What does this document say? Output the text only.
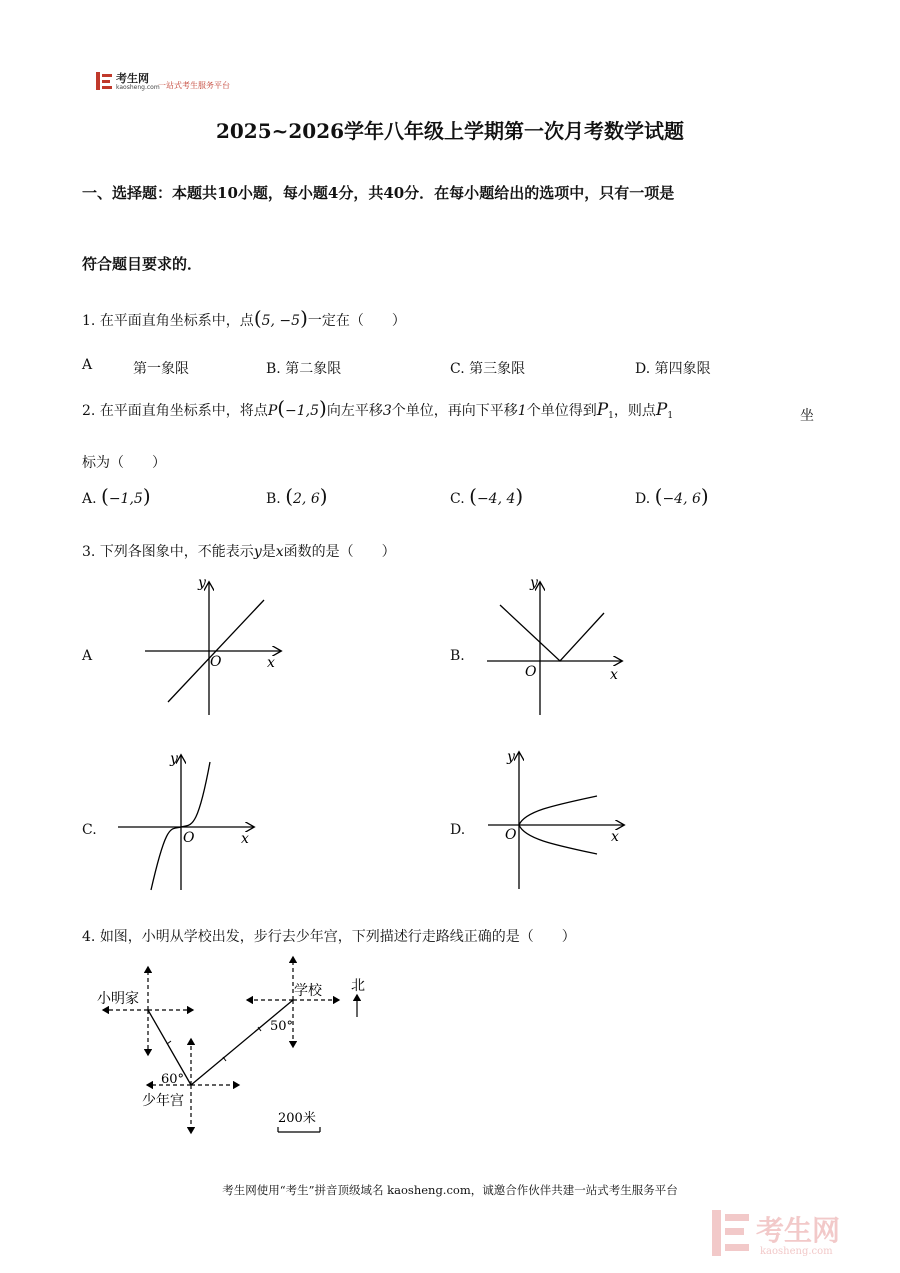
考生网
kaosheng.com
一站式考生服务平台
2025~2026学年八年级上学期第一次月考数学试题
一、选择题：本题共10小题，每小题4分，共40分．在每小题给出的选项中，只有一项是
符合题目要求的．
1. 在平面直角坐标系中，点(5, −5)一定在（　　）
A	第一象限	B. 第二象限	C. 第三象限	D. 第四象限
2. 在平面直角坐标系中，将点P(−1,5)向左平移3个单位，再向下平移1个单位得到$P_1$，则点$P_1$	坐
标为（　　）
A. (−1,5)	B. (2, 6)	C. (−4, 4)	D. (−4, 6)
3. 下列各图象中，不能表示y是x函数的是（　　）
A
y
x
O	B.
y
x
O
C.
y
x
O	D.
y
x
O
4. 如图，小明从学校出发，步行去少年宫，下列描述行走路线正确的是（　　）
北
小明家	学校
少年宫
60°
50°
200米
考生网使用“考生”拼音顶级域名 kaosheng.com，诚邀合作伙伴共建一站式考生服务平台
考生网
kaosheng.com
